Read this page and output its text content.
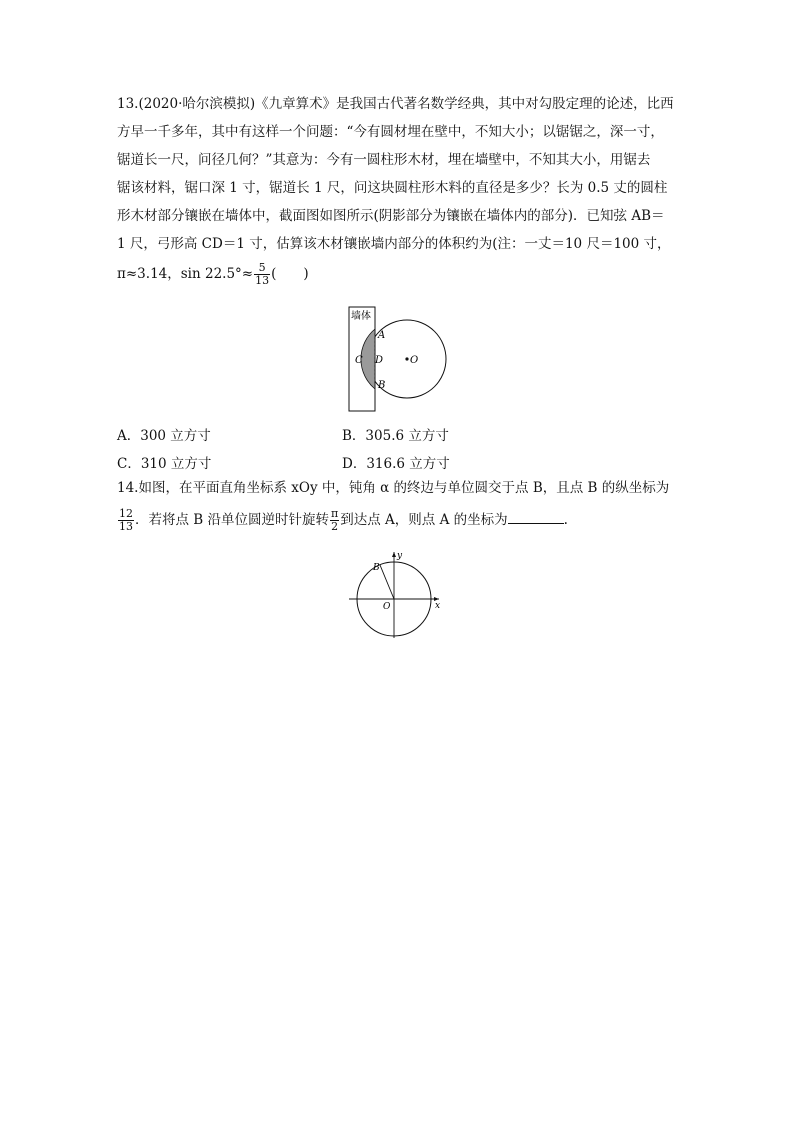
13.(2020·哈尔滨模拟)《九章算术》是我国古代著名数学经典，其中对勾股定理的论述，比西
方早一千多年，其中有这样一个问题：“今有圆材埋在壁中，不知大小；以锯锯之，深一寸，
锯道长一尺，问径几何？”其意为：今有一圆柱形木材，埋在墙壁中，不知其大小，用锯去
锯该材料，锯口深 1 寸，锯道长 1 尺，问这块圆柱形木料的直径是多少？长为 0.5 丈的圆柱
形木材部分镶嵌在墙体中，截面图如图所示(阴影部分为镶嵌在墙体内的部分)．已知弦 AB＝
1 尺，弓形高 CD＝1 寸，估算该木材镶嵌墙内部分的体积约为(注：一丈＝10 尺＝100 寸，
π≈3.14，$\sin 22.5^\circ\approx \frac{5}{13}$ (　　)
墙体
A
B
C D	O
A．300 立方寸	B．305.6 立方寸
C．310 立方寸	D．316.6 立方寸
14.如图，在平面直角坐标系 xOy 中，钝角 α 的终边与单位圆交于点 B，且点 B 的纵坐标为
$\frac{12}{13}$ ．若将点 B 沿单位圆逆时针旋转 $\frac{\pi}{2}$ 到达点 A，则点 A 的坐标为	.
B
O	x
y
